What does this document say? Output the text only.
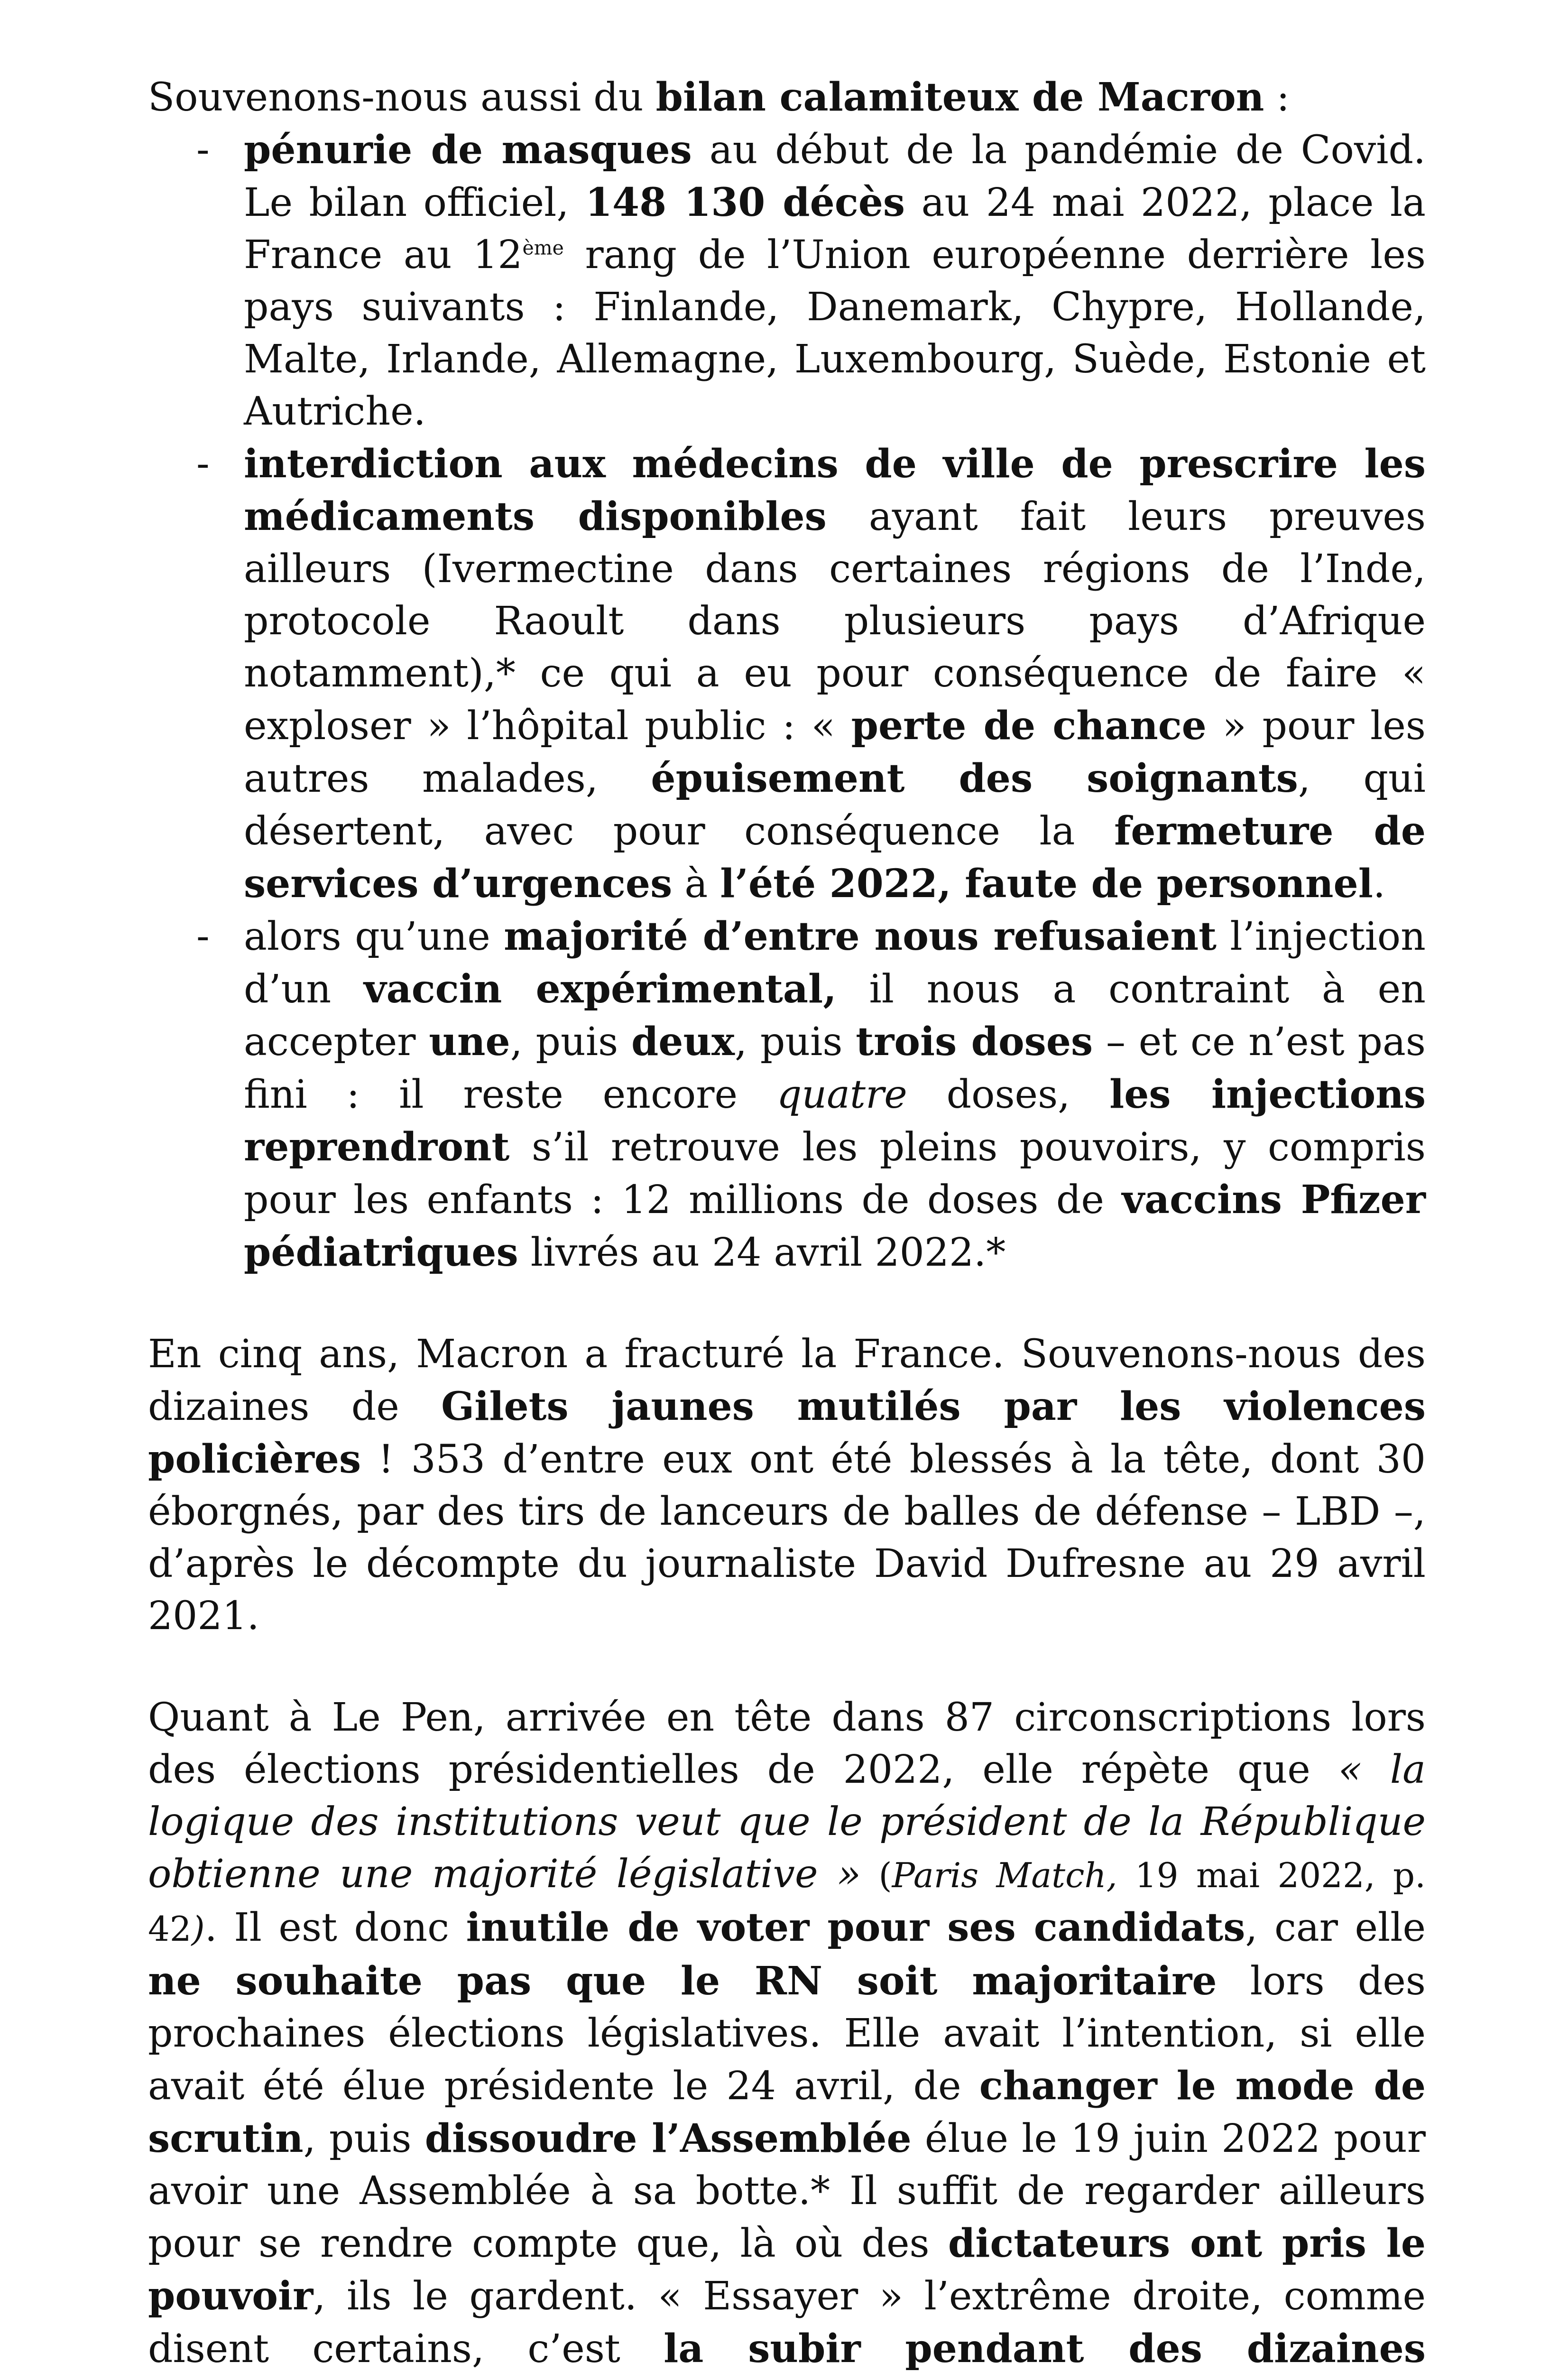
Souvenons-nous aussi du bilan calamiteux de Macron :

- pénurie de masques au début de la pandémie de Covid. Le bilan officiel, 148 130 décès au 24 mai 2022, place la France au 12ème rang de l’Union européenne derrière les pays suivants : Finlande, Danemark, Chypre, Hollande, Malte, Irlande, Allemagne, Luxembourg, Suède, Estonie et Autriche.
- interdiction aux médecins de ville de prescrire les médicaments disponibles ayant fait leurs preuves ailleurs (Ivermectine dans certaines régions de l’Inde, protocole Raoult dans plusieurs pays d’Afrique notamment),* ce qui a eu pour conséquence de faire « exploser » l’hôpital public : « perte de chance » pour les autres malades, épuisement des soignants, qui désertent, avec pour conséquence la fermeture de services d’urgences à l’été 2022, faute de personnel.
- alors qu’une majorité d’entre nous refusaient l’injection d’un vaccin expérimental, il nous a contraint à en accepter une, puis deux, puis trois doses – et ce n’est pas fini : il reste encore quatre doses, les injections reprendront s’il retrouve les pleins pouvoirs, y compris pour les enfants : 12 millions de doses de vaccins Pfizer pédiatriques livrés au 24 avril 2022.*

En cinq ans, Macron a fracturé la France. Souvenons-nous des dizaines de Gilets jaunes mutilés par les violences policières ! 353 d’entre eux ont été blessés à la tête, dont 30 éborgnés, par des tirs de lanceurs de balles de défense – LBD –, d’après le décompte du journaliste David Dufresne au 29 avril 2021.

Quant à Le Pen, arrivée en tête dans 87 circonscriptions lors des élections présidentielles de 2022, elle répète que « la logique des institutions veut que le président de la République obtienne une majorité législative » (Paris Match, 19 mai 2022, p. 42). Il est donc inutile de voter pour ses candidats, car elle ne souhaite pas que le RN soit majoritaire lors des prochaines élections législatives. Elle avait l’intention, si elle avait été élue présidente le 24 avril, de changer le mode de scrutin, puis dissoudre l’Assemblée élue le 19 juin 2022 pour avoir une Assemblée à sa botte.* Il suffit de regarder ailleurs pour se rendre compte que, là où des dictateurs ont pris le pouvoir, ils le gardent. « Essayer » l’extrême droite, comme disent certains, c’est la subir pendant des dizaines
